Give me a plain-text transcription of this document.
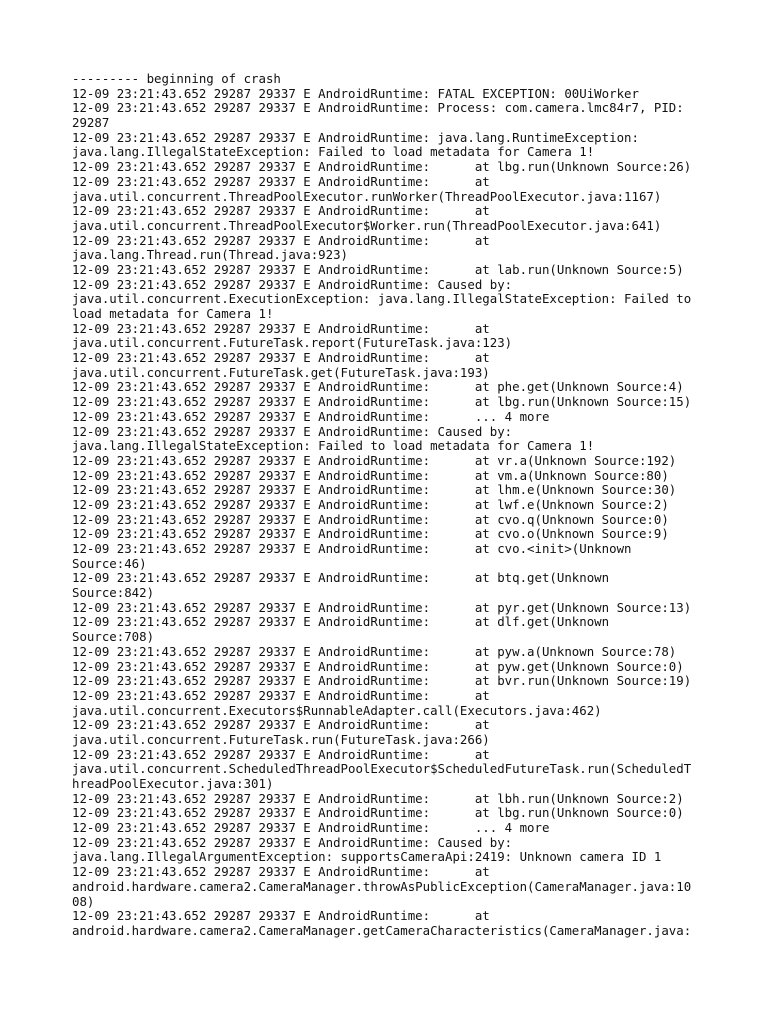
--------- beginning of crash
12-09 23:21:43.652 29287 29337 E AndroidRuntime: FATAL EXCEPTION: 00UiWorker
12-09 23:21:43.652 29287 29337 E AndroidRuntime: Process: com.camera.lmc84r7, PID:
29287
12-09 23:21:43.652 29287 29337 E AndroidRuntime: java.lang.RuntimeException:
java.lang.IllegalStateException: Failed to load metadata for Camera 1!
12-09 23:21:43.652 29287 29337 E AndroidRuntime:      at lbg.run(Unknown Source:26)
12-09 23:21:43.652 29287 29337 E AndroidRuntime:      at
java.util.concurrent.ThreadPoolExecutor.runWorker(ThreadPoolExecutor.java:1167)
12-09 23:21:43.652 29287 29337 E AndroidRuntime:      at
java.util.concurrent.ThreadPoolExecutor$Worker.run(ThreadPoolExecutor.java:641)
12-09 23:21:43.652 29287 29337 E AndroidRuntime:      at
java.lang.Thread.run(Thread.java:923)
12-09 23:21:43.652 29287 29337 E AndroidRuntime:      at lab.run(Unknown Source:5)
12-09 23:21:43.652 29287 29337 E AndroidRuntime: Caused by:
java.util.concurrent.ExecutionException: java.lang.IllegalStateException: Failed to
load metadata for Camera 1!
12-09 23:21:43.652 29287 29337 E AndroidRuntime:      at
java.util.concurrent.FutureTask.report(FutureTask.java:123)
12-09 23:21:43.652 29287 29337 E AndroidRuntime:      at
java.util.concurrent.FutureTask.get(FutureTask.java:193)
12-09 23:21:43.652 29287 29337 E AndroidRuntime:      at phe.get(Unknown Source:4)
12-09 23:21:43.652 29287 29337 E AndroidRuntime:      at lbg.run(Unknown Source:15)
12-09 23:21:43.652 29287 29337 E AndroidRuntime:      ... 4 more
12-09 23:21:43.652 29287 29337 E AndroidRuntime: Caused by:
java.lang.IllegalStateException: Failed to load metadata for Camera 1!
12-09 23:21:43.652 29287 29337 E AndroidRuntime:      at vr.a(Unknown Source:192)
12-09 23:21:43.652 29287 29337 E AndroidRuntime:      at vm.a(Unknown Source:80)
12-09 23:21:43.652 29287 29337 E AndroidRuntime:      at lhm.e(Unknown Source:30)
12-09 23:21:43.652 29287 29337 E AndroidRuntime:      at lwf.e(Unknown Source:2)
12-09 23:21:43.652 29287 29337 E AndroidRuntime:      at cvo.q(Unknown Source:0)
12-09 23:21:43.652 29287 29337 E AndroidRuntime:      at cvo.o(Unknown Source:9)
12-09 23:21:43.652 29287 29337 E AndroidRuntime:      at cvo.<init>(Unknown
Source:46)
12-09 23:21:43.652 29287 29337 E AndroidRuntime:      at btq.get(Unknown
Source:842)
12-09 23:21:43.652 29287 29337 E AndroidRuntime:      at pyr.get(Unknown Source:13)
12-09 23:21:43.652 29287 29337 E AndroidRuntime:      at dlf.get(Unknown
Source:708)
12-09 23:21:43.652 29287 29337 E AndroidRuntime:      at pyw.a(Unknown Source:78)
12-09 23:21:43.652 29287 29337 E AndroidRuntime:      at pyw.get(Unknown Source:0)
12-09 23:21:43.652 29287 29337 E AndroidRuntime:      at bvr.run(Unknown Source:19)
12-09 23:21:43.652 29287 29337 E AndroidRuntime:      at
java.util.concurrent.Executors$RunnableAdapter.call(Executors.java:462)
12-09 23:21:43.652 29287 29337 E AndroidRuntime:      at
java.util.concurrent.FutureTask.run(FutureTask.java:266)
12-09 23:21:43.652 29287 29337 E AndroidRuntime:      at
java.util.concurrent.ScheduledThreadPoolExecutor$ScheduledFutureTask.run(ScheduledT
hreadPoolExecutor.java:301)
12-09 23:21:43.652 29287 29337 E AndroidRuntime:      at lbh.run(Unknown Source:2)
12-09 23:21:43.652 29287 29337 E AndroidRuntime:      at lbg.run(Unknown Source:0)
12-09 23:21:43.652 29287 29337 E AndroidRuntime:      ... 4 more
12-09 23:21:43.652 29287 29337 E AndroidRuntime: Caused by:
java.lang.IllegalArgumentException: supportsCameraApi:2419: Unknown camera ID 1
12-09 23:21:43.652 29287 29337 E AndroidRuntime:      at
android.hardware.camera2.CameraManager.throwAsPublicException(CameraManager.java:10
08)
12-09 23:21:43.652 29287 29337 E AndroidRuntime:      at
android.hardware.camera2.CameraManager.getCameraCharacteristics(CameraManager.java:
